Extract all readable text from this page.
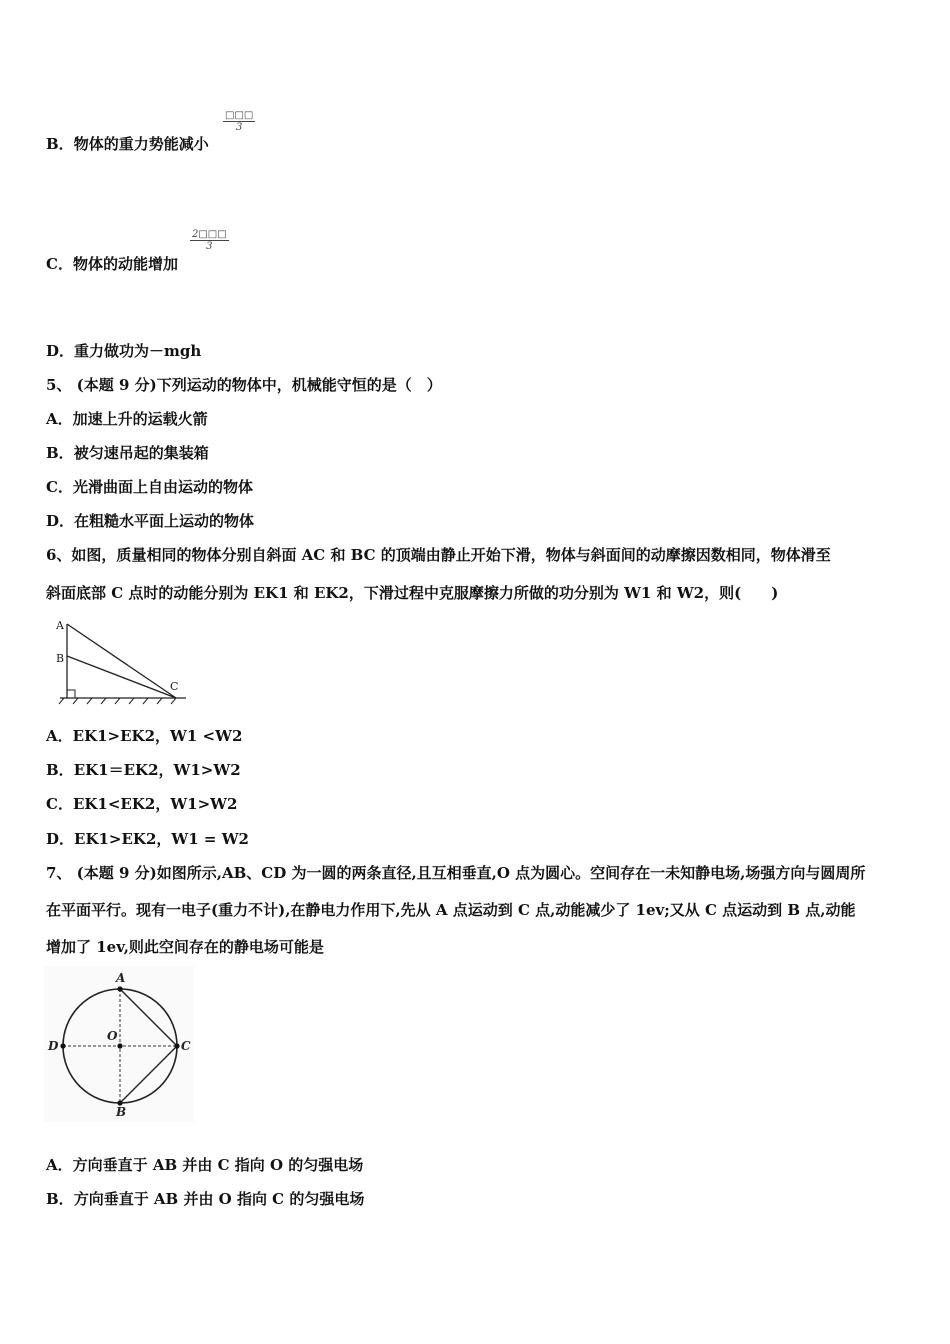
□□□
3
B．物体的重力势能减小
$\frac{2□□□}{3}$
C．物体的动能增加
D．重力做功为－mgh
5、 (本题 9 分)下列运动的物体中，机械能守恒的是（　）
A．加速上升的运载火箭
B．被匀速吊起的集装箱
C．光滑曲面上自由运动的物体
D．在粗糙水平面上运动的物体
6、如图，质量相同的物体分别自斜面 AC 和 BC 的顶端由静止开始下滑，物体与斜面间的动摩擦因数相同，物体滑至
斜面底部 C 点时的动能分别为 EK1 和 EK2，下滑过程中克服摩擦力所做的功分别为 W1 和 W2，则(　　)
A
B
C
A．EK1>EK2，W1 <W2
B．EK1＝EK2，W1>W2
C．EK1<EK2，W1>W2
D．EK1>EK2，W1 = W2
7、 (本题 9 分)如图所示,AB、CD 为一圆的两条直径,且互相垂直,O 点为圆心。空间存在一未知静电场,场强方向与圆周所
在平面平行。现有一电子(重力不计),在静电力作用下,先从 A 点运动到 C 点,动能减少了 1ev;又从 C 点运动到 B 点,动能
增加了 1ev,则此空间存在的静电场可能是
A
B
C
D
O
A．方向垂直于 AB 并由 C 指向 O 的匀强电场
B．方向垂直于 AB 并由 O 指向 C 的匀强电场
